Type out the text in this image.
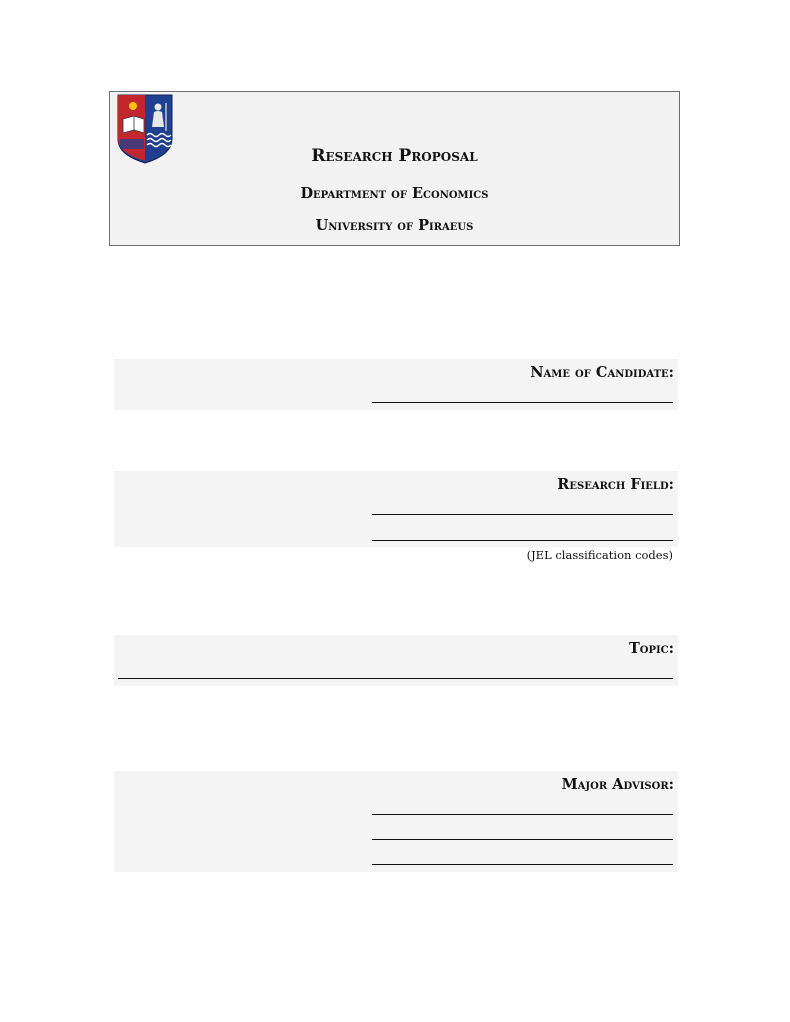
Research Proposal
Department of Economics
University of Piraeus
Name of Candidate:
Research Field:
(JEL classification codes)
Topic:
Major Advisor:
